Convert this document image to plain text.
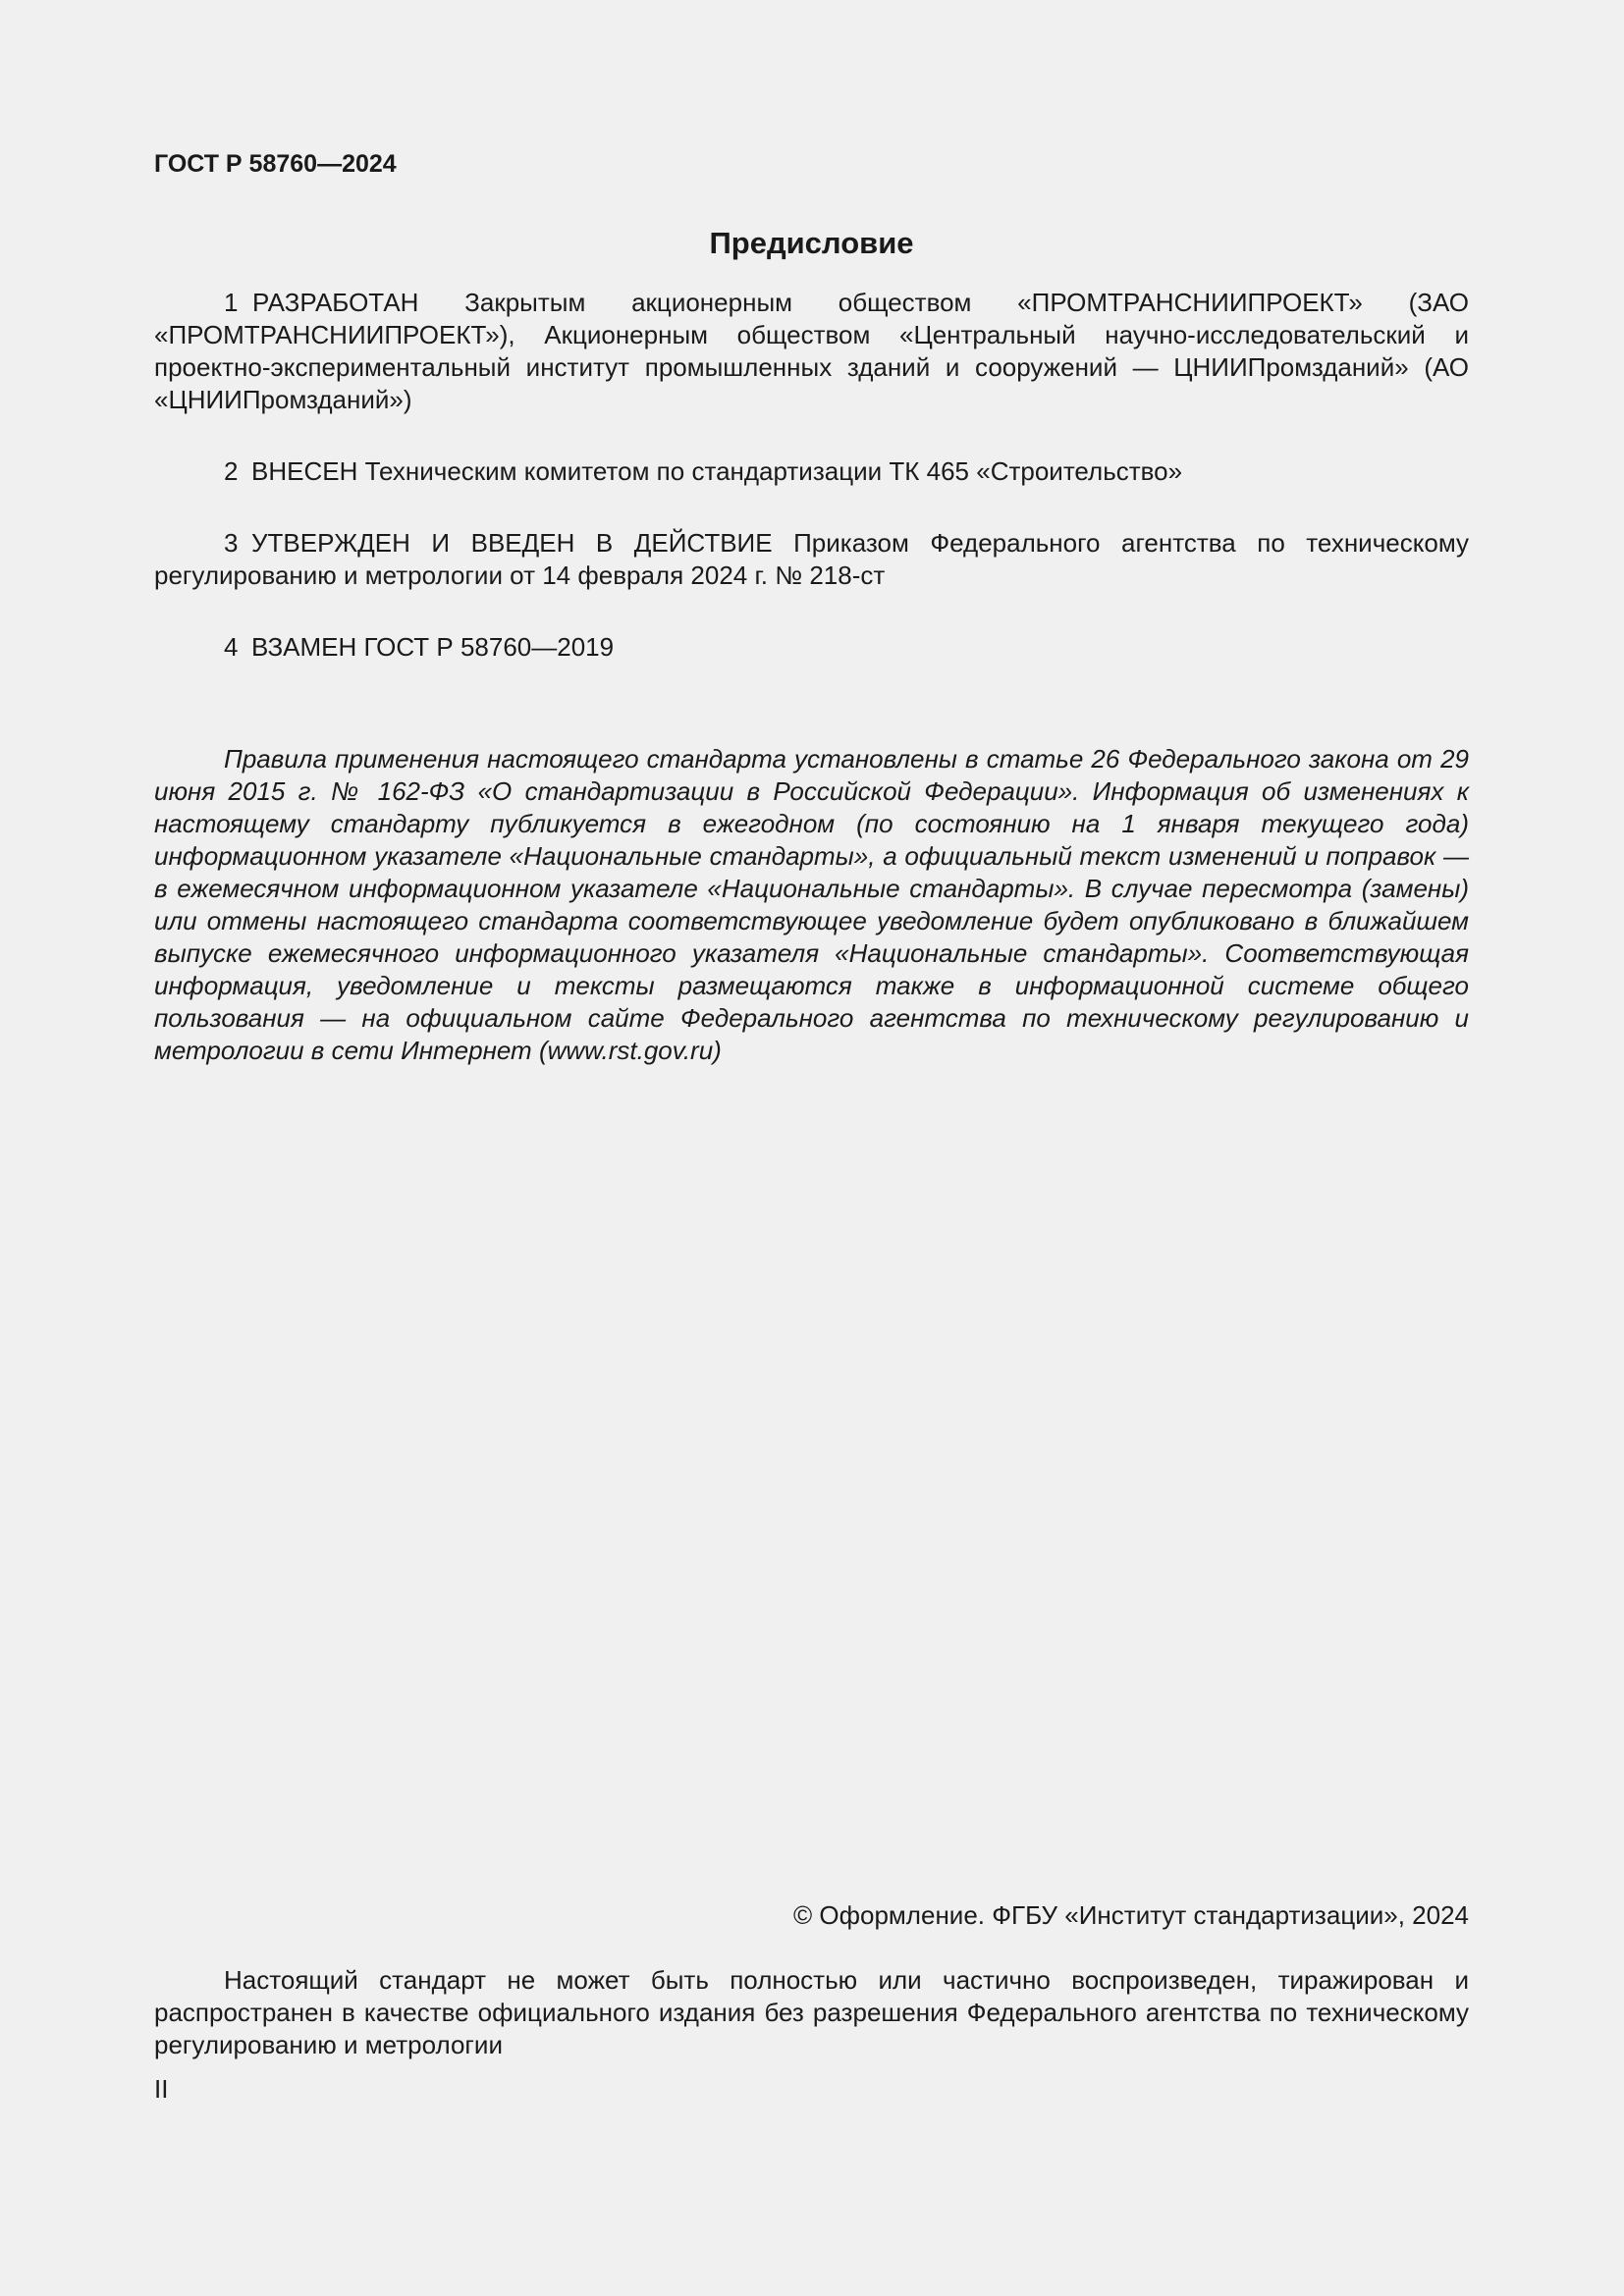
ГОСТ Р 58760—2024
Предисловие

1 РАЗРАБОТАН Закрытым акционерным обществом «ПРОМТРАНСНИИПРОЕКТ» (ЗАО «ПРОМТРАНСНИИПРОЕКТ»), Акционерным обществом «Центральный научно-исследовательский и проектно-экспериментальный институт промышленных зданий и сооружений — ЦНИИПромзданий» (АО «ЦНИИПромзданий»)

2 ВНЕСЕН Техническим комитетом по стандартизации ТК 465 «Строительство»

3 УТВЕРЖДЕН И ВВЕДЕН В ДЕЙСТВИЕ Приказом Федерального агентства по техническому регулированию и метрологии от 14 февраля 2024 г. № 218-ст

4 ВЗАМЕН ГОСТ Р 58760—2019

Правила применения настоящего стандарта установлены в статье 26 Федерального закона от 29 июня 2015 г. № 162-ФЗ «О стандартизации в Российской Федерации». Информация об изменениях к настоящему стандарту публикуется в ежегодном (по состоянию на 1 января текущего года) информационном указателе «Национальные стандарты», а официальный текст изменений и поправок — в ежемесячном информационном указателе «Национальные стандарты». В случае пересмотра (замены) или отмены настоящего стандарта соответствующее уведомление будет опубликовано в ближайшем выпуске ежемесячного информационного указателя «Национальные стандарты». Соответствующая информация, уведомление и тексты размещаются также в информационной системе общего пользования — на официальном сайте Федерального агентства по техническому регулированию и метрологии в сети Интернет (www.rst.gov.ru)

© Оформление. ФГБУ «Институт стандартизации», 2024

Настоящий стандарт не может быть полностью или частично воспроизведен, тиражирован и распространен в качестве официального издания без разрешения Федерального агентства по техническому регулированию и метрологии

II
